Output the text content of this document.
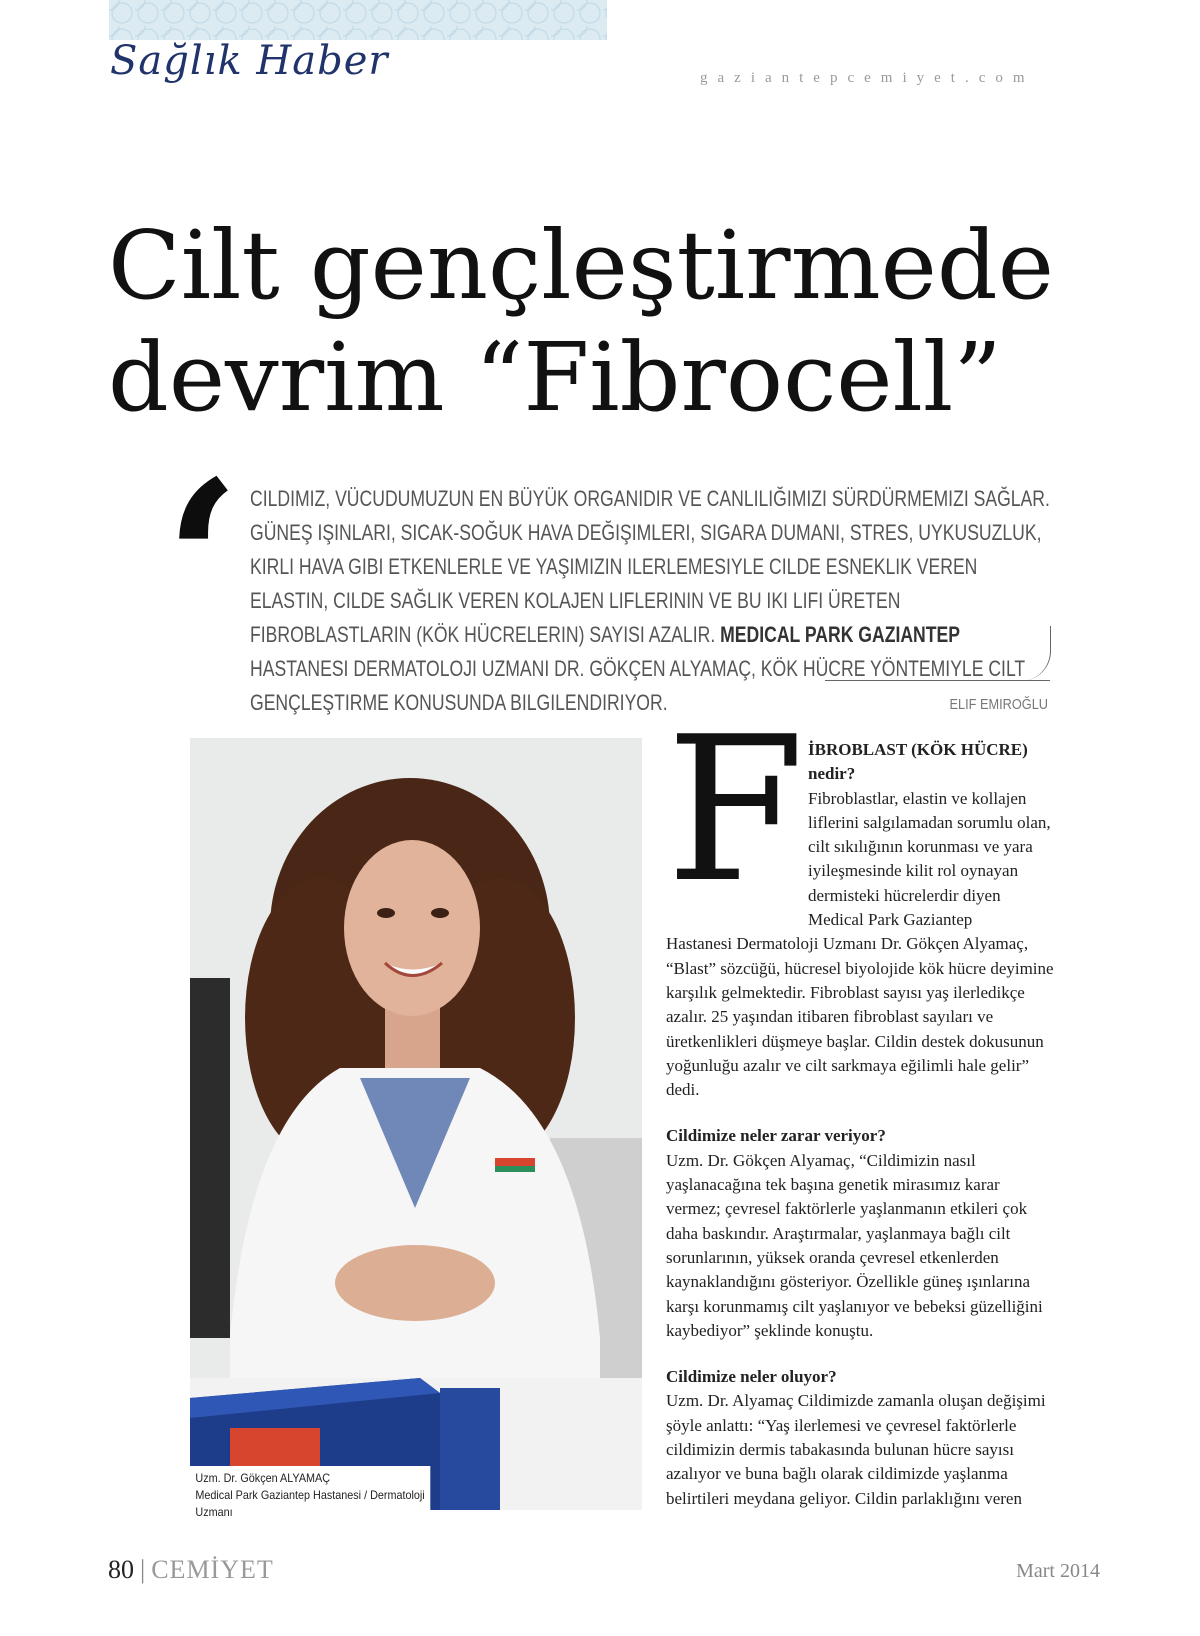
Sağlık Haber	gaziantepcemiyet.com
Cilt gençleştirmede
devrim “Fibrocell”
‘ CILDIMIZ, VÜCUDUMUZUN EN BÜYÜK ORGANIDIR VE CANLILIĞIMIZI SÜRDÜRMEMIZI SAĞLAR. GÜNEŞ IŞINLARI, SICAK-SOĞUK HAVA DEĞIŞIMLERI, SIGARA DUMANI, STRES, UYKUSUZLUK, KIRLI HAVA GIBI ETKENLERLE VE YAŞIMIZIN ILERLEMESIYLE CILDE ESNEKLIK VEREN ELASTIN, CILDE SAĞLIK VEREN KOLAJEN LIFLERININ VE BU IKI LIFI ÜRETEN FIBROBLASTLARIN (KÖK HÜCRELERIN) SAYISI AZALIR. MEDICAL PARK GAZIANTEP HASTANESI DERMATOLOJI UZMANI DR. GÖKÇEN ALYAMAÇ, KÖK HÜCRE YÖNTEMIYLE CILT GENÇLEŞTIRME KONUSUNDA BILGILENDIRIYOR.	ELIF EMIROĞLU
Uzm. Dr. Gökçen ALYAMAÇ
Medical Park Gaziantep Hastanesi / Dermatoloji Uzmanı
F İBROBLAST (KÖK HÜCRE) nedir?

Fibroblastlar, elastin ve kollajen liflerini salgılamadan sorumlu olan, cilt sıkılığının korunması ve yara iyileşmesinde kilit rol oynayan dermisteki hücrelerdir diyen Medical Park Gaziantep

Hastanesi Dermatoloji Uzmanı Dr. Gökçen Alyamaç, “Blast” sözcüğü, hücresel biyolojide kök hücre deyimine karşılık gelmektedir. Fibroblast sayısı yaş ilerledikçe azalır. 25 yaşından itibaren fibroblast sayıları ve üretkenlikleri düşmeye başlar. Cildin destek dokusunun yoğunluğu azalır ve cilt sarkmaya eğilimli hale gelir” dedi.

Cildimize neler zarar veriyor?

Uzm. Dr. Gökçen Alyamaç, “Cildimizin nasıl yaşlanacağına tek başına genetik mirasımız karar vermez; çevresel faktörlerle yaşlanmanın etkileri çok daha baskındır. Araştırmalar, yaşlanmaya bağlı cilt sorunlarının, yüksek oranda çevresel etkenlerden kaynaklandığını gösteriyor. Özellikle güneş ışınlarına karşı korunmamış cilt yaşlanıyor ve bebeksi güzelliğini kaybediyor” şeklinde konuştu.

Cildimize neler oluyor?

Uzm. Dr. Alyamaç Cildimizde zamanla oluşan değişimi şöyle anlattı: “Yaş ilerlemesi ve çevresel faktörlerle cildimizin dermis tabakasında bulunan hücre sayısı azalıyor ve buna bağlı olarak cildimizde yaşlanma belirtileri meydana geliyor. Cildin parlaklığını veren

80 | CEMİYET	Mart 2014
